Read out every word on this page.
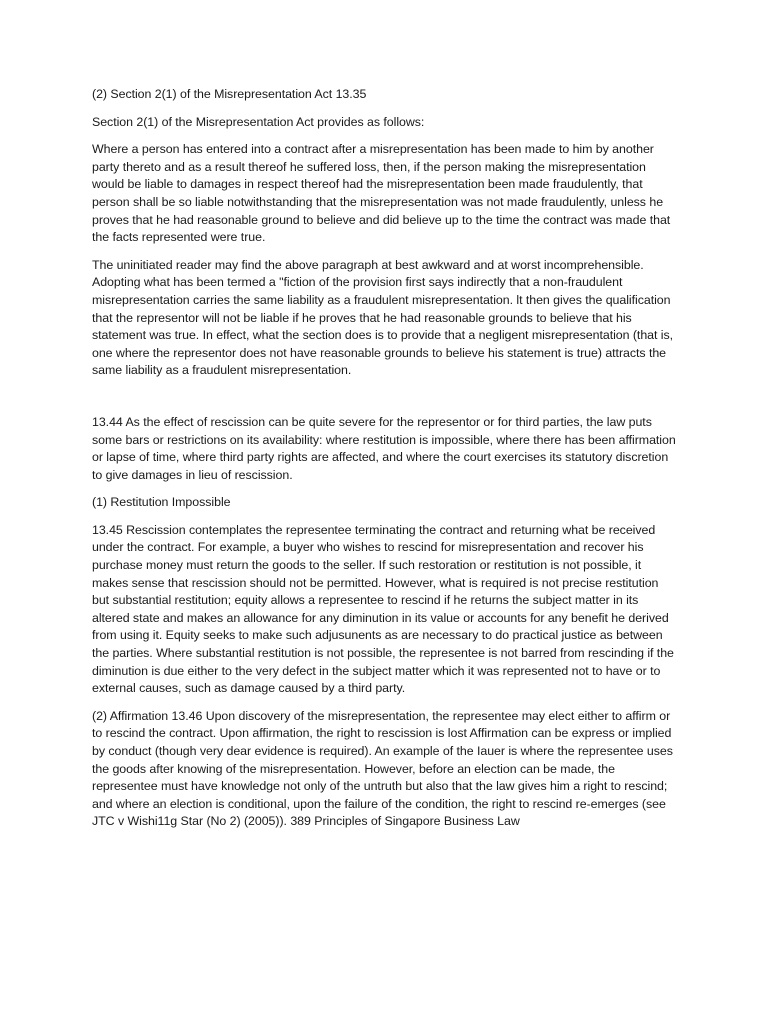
(2) Section 2(1) of the Misrepresentation Act 13.35

Section 2(1) of the Misrepresentation Act provides as follows:

Where a person has entered into a contract after a misrepresentation has been made to him by another party thereto and as a result thereof he suffered loss, then, if the person making the misrepresentation would be liable to damages in respect thereof had the misrepresentation been made fraudulently, that person shall be so liable notwithstanding that the misrepresentation was not made fraudulently, unless he proves that he had reasonable ground to believe and did believe up to the time the contract was made that the facts represented were true.

The uninitiated reader may find the above paragraph at best awkward and at worst incomprehensible. Adopting what has been termed a "fiction of the provision first says indirectly that a non-fraudulent misrepresentation carries the same liability as a fraudulent misrepresentation. lt then gives the qualification that the representor will not be liable if he proves that he had reasonable grounds to believe that his statement was true. In effect, what the section does is to provide that a negligent misrepresentation (that is, one where the representor does not have reasonable grounds to believe his statement is true) attracts the same liability as a fraudulent misrepresentation.

13.44 As the effect of rescission can be quite severe for the representor or for third parties, the law puts some bars or restrictions on its availability: where restitution is impossible, where there has been affirmation or lapse of time, where third party rights are affected, and where the court exercises its statutory discretion to give damages in lieu of rescission.

(1) Restitution Impossible

13.45 Rescission contemplates the representee terminating the contract and returning what be received under the contract. For example, a buyer who wishes to rescind for misrepresentation and recover his purchase money must return the goods to the seller. If such restoration or restitution is not possible, it makes sense that rescission should not be permitted. However, what is required is not precise restitution but substantial restitution; equity allows a representee to rescind if he returns the subject matter in its altered state and makes an allowance for any diminution in its value or accounts for any benefit he derived from using it. Equity seeks to make such adjusunents as are necessary to do practical justice as between the parties. Where substantial restitution is not possible, the representee is not barred from rescinding if the diminution is due either to the very defect in the subject matter which it was represented not to have or to external causes, such as damage caused by a third party.

(2) Affirmation 13.46 Upon discovery of the misrepresentation, the representee may elect either to affirm or to rescind the contract. Upon affirmation, the right to rescission is lost Affirmation can be express or implied by conduct (though very dear evidence is required). An example of the Iauer is where the representee uses the goods after knowing of the misrepresentation. However, before an election can be made, the representee must have knowledge not only of the untruth but also that the law gives him a right to rescind; and where an election is conditional, upon the failure of the condition, the right to rescind re-emerges (see JTC v Wishi11g Star (No 2) (2005)). 389 Principles of Singapore Business Law
